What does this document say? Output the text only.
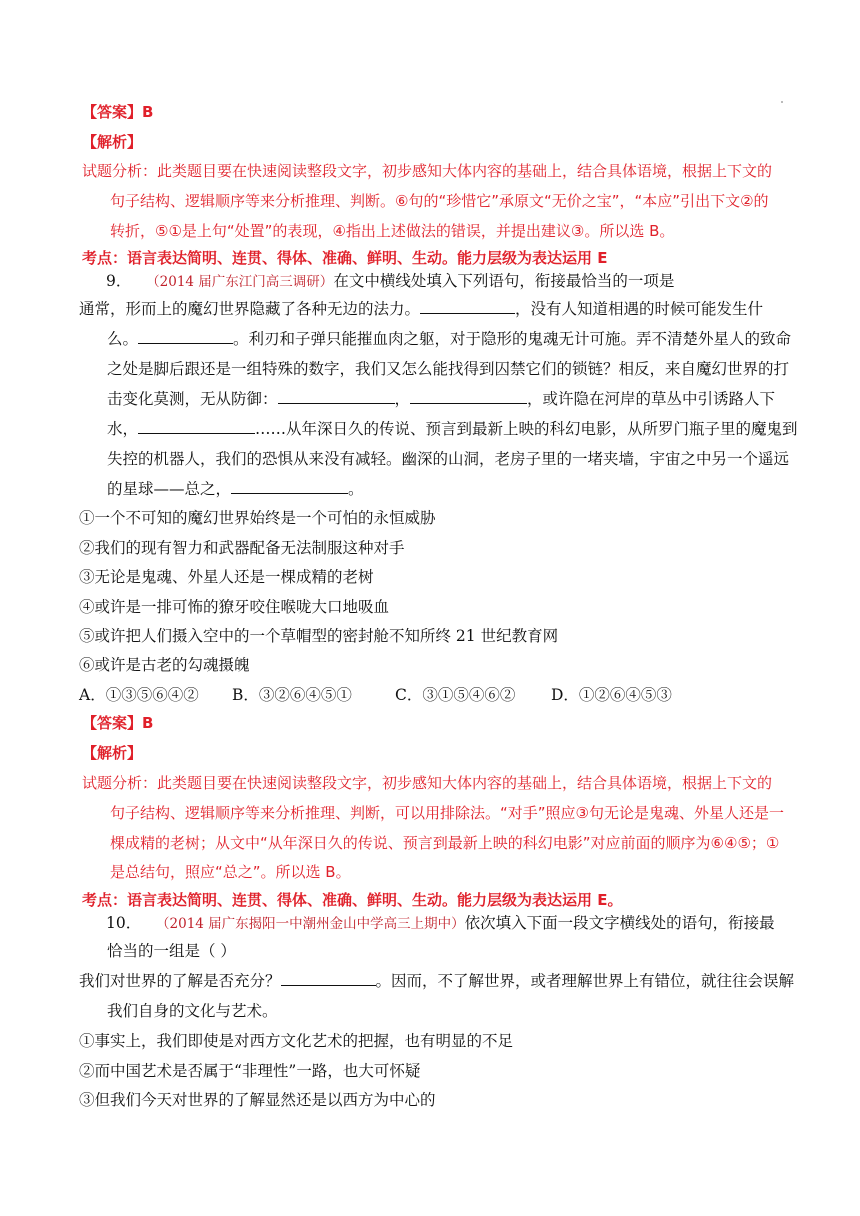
【答案】B
【解析】
试题分析：此类题目要在快速阅读整段文字，初步感知大体内容的基础上，结合具体语境，根据上下文的
句子结构、逻辑顺序等来分析推理、判断。⑥句的“珍惜它”承原文“无价之宝”，“本应”引出下文②的
转折，⑤①是上句“处置”的表现，④指出上述做法的错误，并提出建议③。所以选 B。
考点：语言表达简明、连贯、得体、准确、鲜明、生动。能力层级为表达运用 E
9． （2014 届广东江门高三调研）在文中横线处填入下列语句，衔接最恰当的一项是
通常，形而上的魔幻世界隐藏了各种无边的法力。	，没有人知道相遇的时候可能发生什
么。	。利刃和子弹只能摧血肉之躯，对于隐形的鬼魂无计可施。弄不清楚外星人的致命
之处是脚后跟还是一组特殊的数字，我们又怎么能找得到囚禁它们的锁链？相反，来自魔幻世界的打
击变化莫测，无从防御：	，	，或许隐在河岸的草丛中引诱路人下
水，	……从年深日久的传说、预言到最新上映的科幻电影，从所罗门瓶子里的魔鬼到
失控的机器人，我们的恐惧从来没有减轻。幽深的山洞，老房子里的一堵夹墙，宇宙之中另一个遥远
的星球——总之，	。
①一个不可知的魔幻世界始终是一个可怕的永恒威胁
②我们的现有智力和武器配备无法制服这种对手
③无论是鬼魂、外星人还是一棵成精的老树
④或许是一排可怖的獠牙咬住喉咙大口地吸血
⑤或许把人们摄入空中的一个草帽型的密封舱不知所终 21 世纪教育网
⑥或许是古老的勾魂摄魄
A．①③⑤⑥④② B．③②⑥④⑤①	C．③①⑤④⑥② D．①②⑥④⑤③
【答案】B
【解析】
试题分析：此类题目要在快速阅读整段文字，初步感知大体内容的基础上，结合具体语境，根据上下文的
句子结构、逻辑顺序等来分析推理、判断，可以用排除法。“对手”照应③句无论是鬼魂、外星人还是一
棵成精的老树；从文中“从年深日久的传说、预言到最新上映的科幻电影”对应前面的顺序为⑥④⑤；①
是总结句，照应“总之”。所以选 B。
考点：语言表达简明、连贯、得体、准确、鲜明、生动。能力层级为表达运用 E。
10． （2014 届广东揭阳一中潮州金山中学高三上期中）依次填入下面一段文字横线处的语句，衔接最
恰当的一组是（ ）
我们对世界的了解是否充分？	。因而，不了解世界，或者理解世界上有错位，就往往会误解
我们自身的文化与艺术。
①事实上，我们即使是对西方文化艺术的把握，也有明显的不足
②而中国艺术是否属于“非理性”一路，也大可怀疑
③但我们今天对世界的了解显然还是以西方为中心的
